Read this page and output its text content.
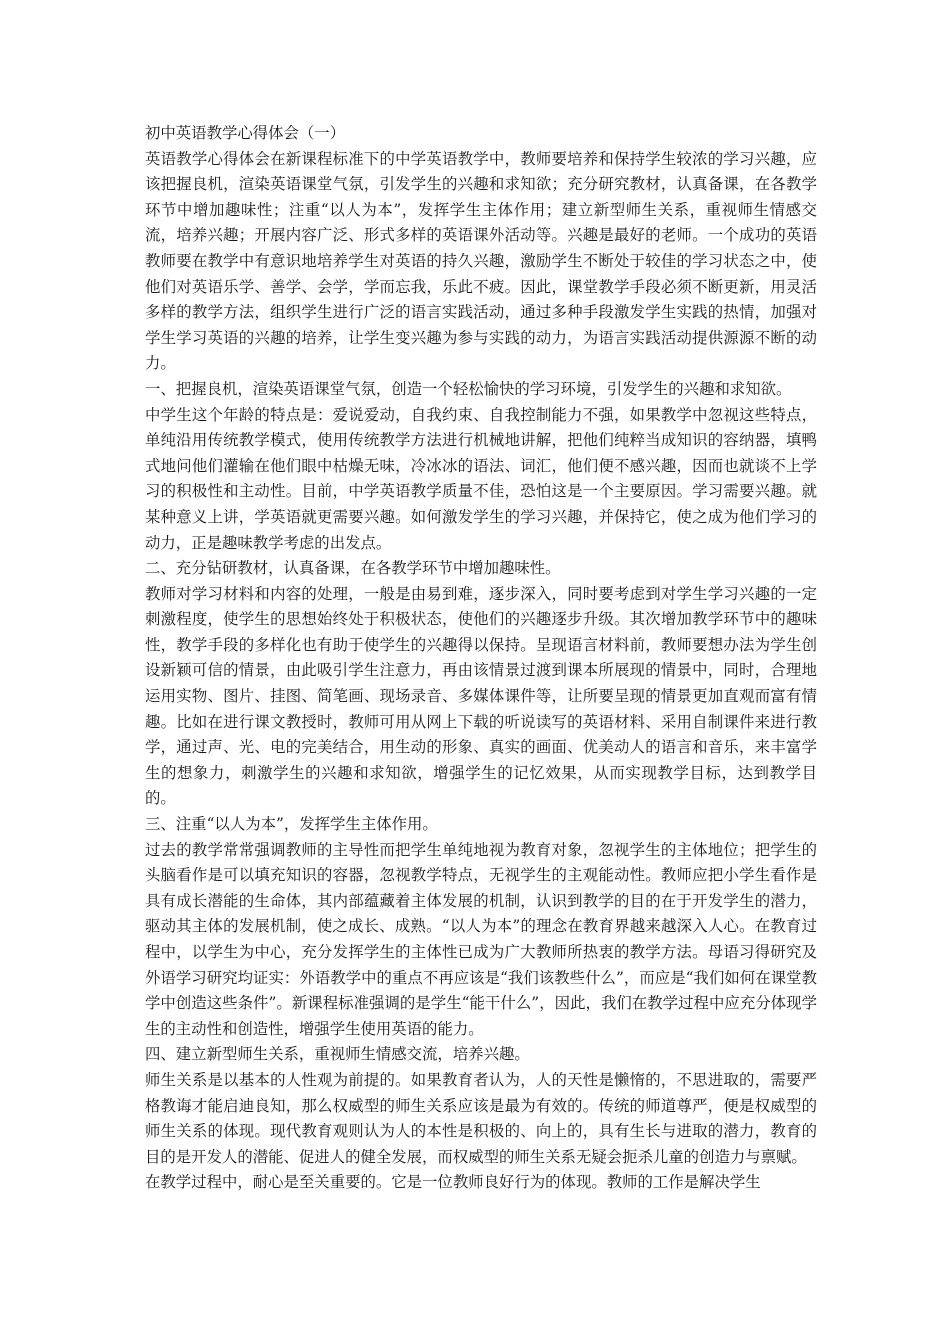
初中英语教学心得体会（一）

英语教学心得体会在新课程标准下的中学英语教学中，教师要培养和保持学生较浓的学习兴趣，应该把握良机，渲染英语课堂气氛，引发学生的兴趣和求知欲；充分研究教材，认真备课，在各教学环节中增加趣味性；注重“以人为本”，发挥学生主体作用；建立新型师生关系，重视师生情感交流，培养兴趣；开展内容广泛、形式多样的英语课外活动等。兴趣是最好的老师。一个成功的英语教师要在教学中有意识地培养学生对英语的持久兴趣，激励学生不断处于较佳的学习状态之中，使他们对英语乐学、善学、会学，学而忘我，乐此不疲。因此，课堂教学手段必须不断更新，用灵活多样的教学方法，组织学生进行广泛的语言实践活动，通过多种手段激发学生实践的热情，加强对学生学习英语的兴趣的培养，让学生变兴趣为参与实践的动力，为语言实践活动提供源源不断的动力。

一、把握良机，渲染英语课堂气氛，创造一个轻松愉快的学习环境，引发学生的兴趣和求知欲。

中学生这个年龄的特点是：爱说爱动，自我约束、自我控制能力不强，如果教学中忽视这些特点，单纯沿用传统教学模式，使用传统教学方法进行机械地讲解，把他们纯粹当成知识的容纳器，填鸭式地问他们灌输在他们眼中枯燥无味，冷冰冰的语法、词汇，他们便不感兴趣，因而也就谈不上学习的积极性和主动性。目前，中学英语教学质量不佳，恐怕这是一个主要原因。学习需要兴趣。就某种意义上讲，学英语就更需要兴趣。如何激发学生的学习兴趣，并保持它，使之成为他们学习的动力，正是趣味教学考虑的出发点。

二、充分钻研教材，认真备课，在各教学环节中增加趣味性。

教师对学习材料和内容的处理，一般是由易到难，逐步深入，同时要考虑到对学生学习兴趣的一定刺激程度，使学生的思想始终处于积极状态，使他们的兴趣逐步升级。其次增加教学环节中的趣味性，教学手段的多样化也有助于使学生的兴趣得以保持。呈现语言材料前，教师要想办法为学生创设新颖可信的情景，由此吸引学生注意力，再由该情景过渡到课本所展现的情景中，同时，合理地运用实物、图片、挂图、简笔画、现场录音、多媒体课件等，让所要呈现的情景更加直观而富有情趣。比如在进行课文教授时，教师可用从网上下载的听说读写的英语材料、采用自制课件来进行教学，通过声、光、电的完美结合，用生动的形象、真实的画面、优美动人的语言和音乐，来丰富学生的想象力，刺激学生的兴趣和求知欲，增强学生的记忆效果，从而实现教学目标，达到教学目的。

三、注重“以人为本”，发挥学生主体作用。

过去的教学常常强调教师的主导性而把学生单纯地视为教育对象，忽视学生的主体地位；把学生的头脑看作是可以填充知识的容器，忽视教学特点，无视学生的主观能动性。教师应把小学生看作是具有成长潜能的生命体，其内部蕴藏着主体发展的机制，认识到教学的目的在于开发学生的潜力，驱动其主体的发展机制，使之成长、成熟。“以人为本”的理念在教育界越来越深入人心。在教育过程中，以学生为中心，充分发挥学生的主体性已成为广大教师所热衷的教学方法。母语习得研究及外语学习研究均证实：外语教学中的重点不再应该是“我们该教些什么”，而应是“我们如何在课堂教学中创造这些条件”。新课程标准强调的是学生“能干什么”，因此，我们在教学过程中应充分体现学生的主动性和创造性，增强学生使用英语的能力。

四、建立新型师生关系，重视师生情感交流，培养兴趣。

师生关系是以基本的人性观为前提的。如果教育者认为，人的天性是懒惰的，不思进取的，需要严格教诲才能启迪良知，那么权威型的师生关系应该是最为有效的。传统的师道尊严，便是权威型的师生关系的体现。现代教育观则认为人的本性是积极的、向上的，具有生长与进取的潜力，教育的目的是开发人的潜能、促进人的健全发展，而权威型的师生关系无疑会扼杀儿童的创造力与禀赋。

在教学过程中，耐心是至关重要的。它是一位教师良好行为的体现。教师的工作是解决学生
